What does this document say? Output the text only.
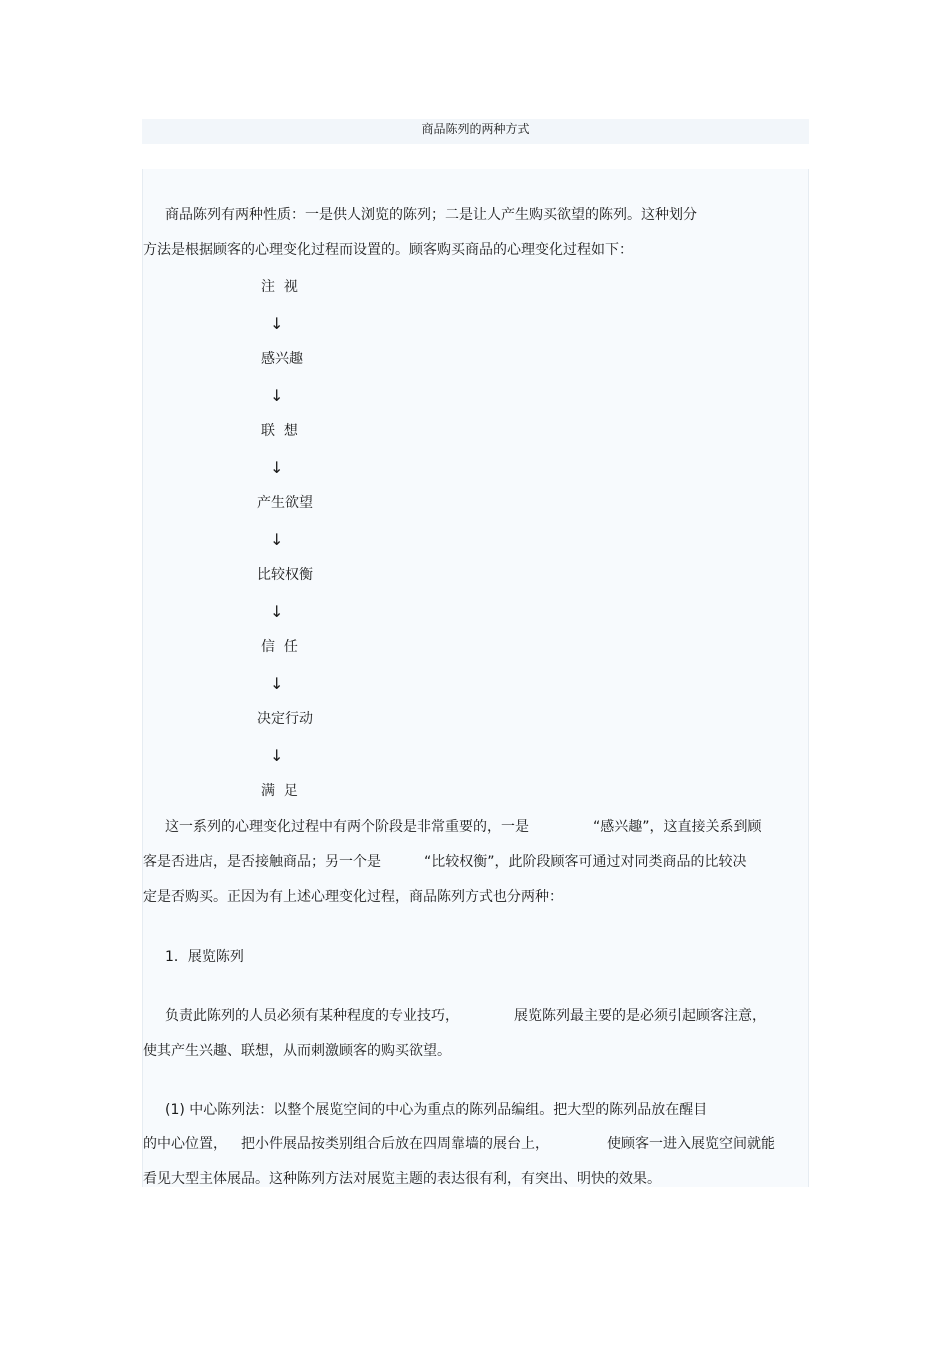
商品陈列的两种方式
商品陈列有两种性质：一是供人浏览的陈列；二是让人产生购买欲望的陈列。这种划分
方法是根据顾客的心理变化过程而设置的。顾客购买商品的心理变化过程如下：
注  视
↓
感兴趣
↓
联  想
↓
产生欲望
↓
比较权衡
↓
信  任
↓
决定行动
↓
满  足
这一系列的心理变化过程中有两个阶段是非常重要的，一是	“感兴趣”，这直接关系到顾
客是否进店，是否接触商品；另一个是	“比较权衡”，此阶段顾客可通过对同类商品的比较决
定是否购买。正因为有上述心理变化过程，商品陈列方式也分两种：
1．展览陈列
负责此陈列的人员必须有某种程度的专业技巧，	展览陈列最主要的是必须引起顾客注意，
使其产生兴趣、联想，从而刺激顾客的购买欲望。
(1) 中心陈列法：以整个展览空间的中心为重点的陈列品编组。把大型的陈列品放在醒目
的中心位置， 把小件展品按类别组合后放在四周靠墙的展台上，	使顾客一进入展览空间就能
看见大型主体展品。这种陈列方法对展览主题的表达很有利，有突出、明快的效果。
